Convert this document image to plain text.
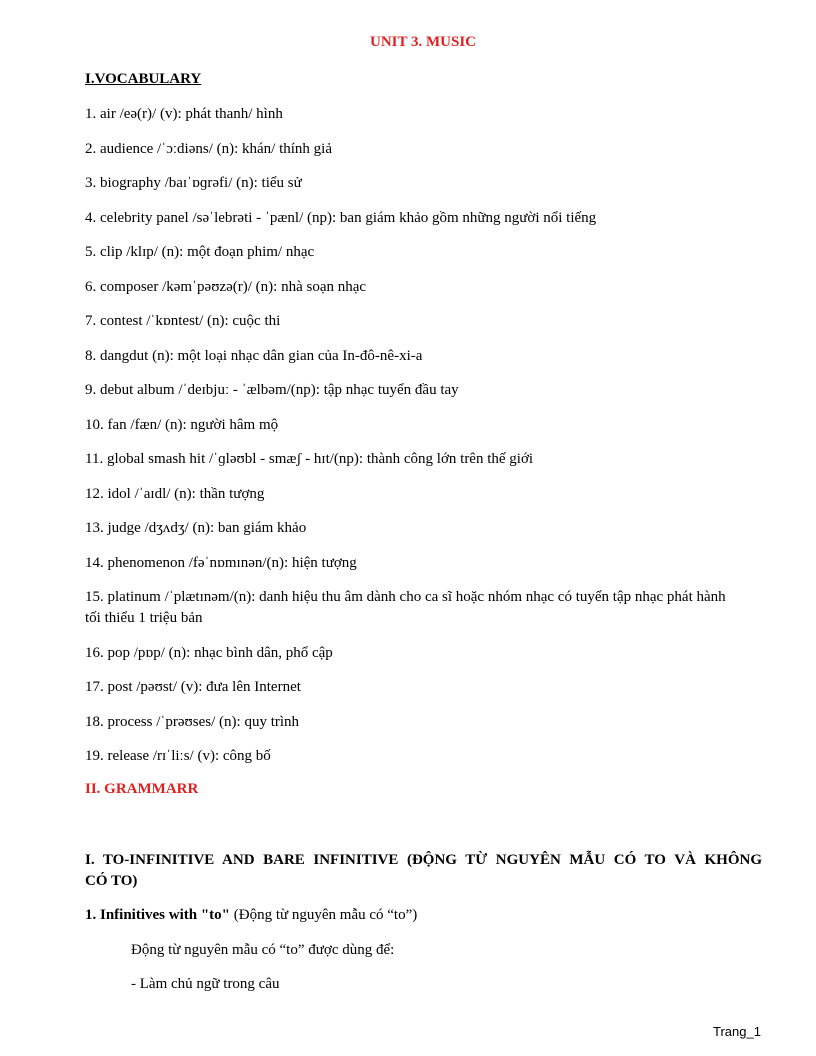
UNIT 3. MUSIC
I.VOCABULARY
1. air /eə(r)/ (v): phát thanh/ hình
2. audience /ˈɔːdiəns/ (n): khán/ thính giả
3. biography /baɪˈɒɡrəfi/ (n): tiểu sử
4. celebrity panel /səˈlebrəti - ˈpænl/ (np): ban giám khảo gồm những người nổi tiếng
5. clip /klɪp/ (n): một đoạn phim/ nhạc
6. composer /kəmˈpəʊzə(r)/ (n): nhà soạn nhạc
7. contest /ˈkɒntest/ (n): cuộc thi
8. dangdut (n): một loại nhạc dân gian của In-đô-nê-xi-a
9. debut album /ˈdeɪbjuː - ˈælbəm/(np): tập nhạc tuyển đầu tay
10. fan /fæn/ (n): người hâm mộ
11. global smash hit /ˈɡləʊbl - smæʃ - hɪt/(np): thành công lớn trên thế giới
12. idol /ˈaɪdl/ (n): thần tượng
13. judge /dʒʌdʒ/ (n): ban giám khảo
14. phenomenon /fəˈnɒmɪnən/(n): hiện tượng
15. platinum /ˈplætɪnəm/(n): danh hiệu thu âm dành cho ca sĩ hoặc nhóm nhạc có tuyển tập nhạc phát hành tối thiểu 1 triệu bản
16. pop /pɒp/ (n): nhạc bình dân, phổ cập
17. post /pəʊst/ (v): đưa lên Internet
18. process /ˈprəʊses/ (n): quy trình
19. release /rɪˈliːs/ (v): công bố
II. GRAMMARR
I. TO-INFINITIVE AND BARE INFINITIVE (ĐỘNG TỪ NGUYÊN MẪU CÓ TO VÀ KHÔNG
CÓ TO)
1. Infinitives with "to" (Động từ nguyên mẫu có “to”)
Động từ nguyên mẫu có “to” được dùng để:
- Làm chủ ngữ trong câu
Trang_1
